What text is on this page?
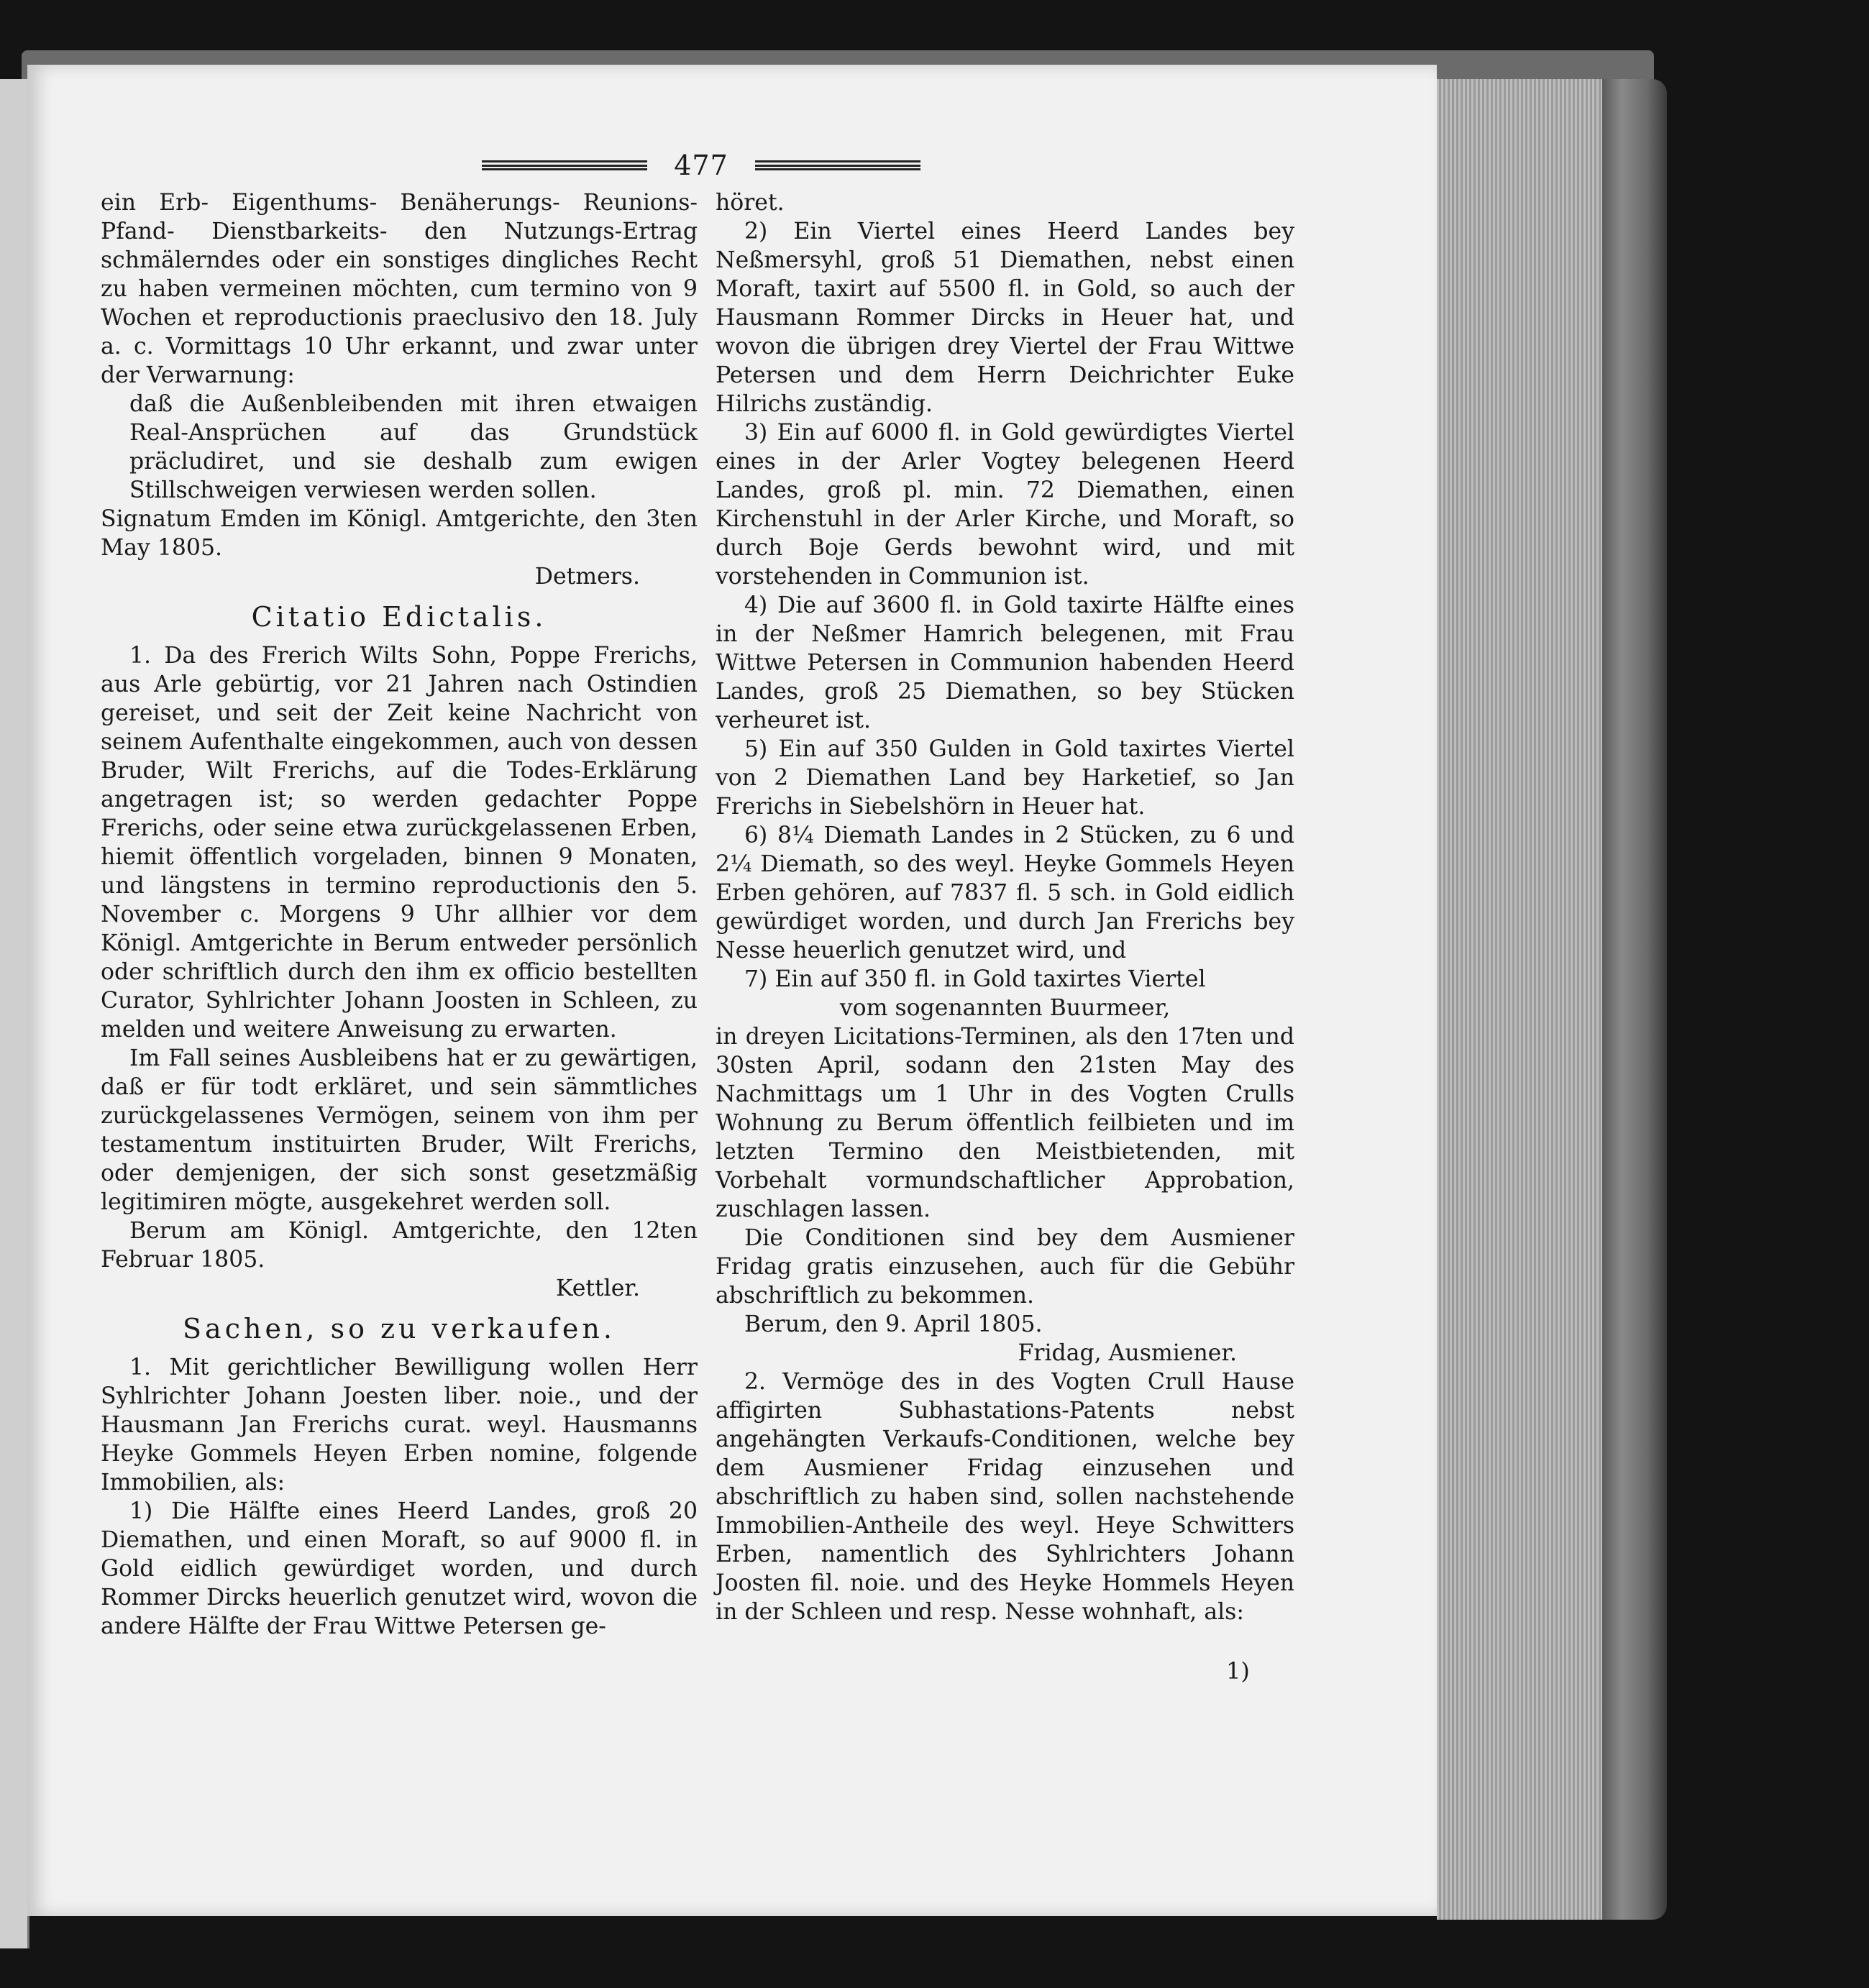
477

ein Erb- Eigenthums- Benäherungs- Reunions- Pfand- Dienstbarkeits- den Nutzungs-Ertrag schmälerndes oder ein sonstiges dingliches Recht zu haben vermeinen möchten, cum termino von 9 Wochen et reproductionis praeclusivo den 18. July a. c. Vormittags 10 Uhr erkannt, und zwar unter der Verwarnung:

daß die Außenbleibenden mit ihren etwaigen Real-Ansprüchen auf das Grundstück präcludiret, und sie deshalb zum ewigen Stillschweigen verwiesen werden sollen.

Signatum Emden im Königl. Amtgerichte, den 3ten May 1805.

Detmers.

Citatio Edictalis.

1. Da des Frerich Wilts Sohn, Poppe Frerichs, aus Arle gebürtig, vor 21 Jahren nach Ostindien gereiset, und seit der Zeit keine Nachricht von seinem Aufenthalte eingekommen, auch von dessen Bruder, Wilt Frerichs, auf die Todes-Erklärung angetragen ist; so werden gedachter Poppe Frerichs, oder seine etwa zurückgelassenen Erben, hiemit öffentlich vorgeladen, binnen 9 Monaten, und längstens in termino reproductionis den 5. November c. Morgens 9 Uhr allhier vor dem Königl. Amtgerichte in Berum entweder persönlich oder schriftlich durch den ihm ex officio bestellten Curator, Syhlrichter Johann Joosten in Schleen, zu melden und weitere Anweisung zu erwarten.

Im Fall seines Ausbleibens hat er zu gewärtigen, daß er für todt erkläret, und sein sämmtliches zurückgelassenes Vermögen, seinem von ihm per testamentum instituirten Bruder, Wilt Frerichs, oder demjenigen, der sich sonst gesetzmäßig legitimiren mögte, ausgekehret werden soll.

Berum am Königl. Amtgerichte, den 12ten Februar 1805.

Kettler.

Sachen, so zu verkaufen.

1. Mit gerichtlicher Bewilligung wollen Herr Syhlrichter Johann Joesten liber. noie., und der Hausmann Jan Frerichs curat. weyl. Hausmanns Heyke Gommels Heyen Erben nomine, folgende Immobilien, als:

1) Die Hälfte eines Heerd Landes, groß 20 Diemathen, und einen Moraft, so auf 9000 fl. in Gold eidlich gewürdiget worden, und durch Rommer Dircks heuerlich genutzet wird, wovon die andere Hälfte der Frau Wittwe Petersen ge-

höret.

2) Ein Viertel eines Heerd Landes bey Neßmersyhl, groß 51 Diemathen, nebst einen Moraft, taxirt auf 5500 fl. in Gold, so auch der Hausmann Rommer Dircks in Heuer hat, und wovon die übrigen drey Viertel der Frau Wittwe Petersen und dem Herrn Deichrichter Euke Hilrichs zuständig.

3) Ein auf 6000 fl. in Gold gewürdigtes Viertel eines in der Arler Vogtey belegenen Heerd Landes, groß pl. min. 72 Diemathen, einen Kirchenstuhl in der Arler Kirche, und Moraft, so durch Boje Gerds bewohnt wird, und mit vorstehenden in Communion ist.

4) Die auf 3600 fl. in Gold taxirte Hälfte eines in der Neßmer Hamrich belegenen, mit Frau Wittwe Petersen in Communion habenden Heerd Landes, groß 25 Diemathen, so bey Stücken verheuret ist.

5) Ein auf 350 Gulden in Gold taxirtes Viertel von 2 Diemathen Land bey Harketief, so Jan Frerichs in Siebelshörn in Heuer hat.

6) 8¼ Diemath Landes in 2 Stücken, zu 6 und 2¼ Diemath, so des weyl. Heyke Gommels Heyen Erben gehören, auf 7837 fl. 5 sch. in Gold eidlich gewürdiget worden, und durch Jan Frerichs bey Nesse heuerlich genutzet wird, und

7) Ein auf 350 fl. in Gold taxirtes Viertel

vom sogenannten Buurmeer,

in dreyen Licitations-Terminen, als den 17ten und 30sten April, sodann den 21sten May des Nachmittags um 1 Uhr in des Vogten Crulls Wohnung zu Berum öffentlich feilbieten und im letzten Termino den Meistbietenden, mit Vorbehalt vormundschaftlicher Approbation, zuschlagen lassen.

Die Conditionen sind bey dem Ausmiener Fridag gratis einzusehen, auch für die Gebühr abschriftlich zu bekommen.

Berum, den 9. April 1805.

Fridag, Ausmiener.

2. Vermöge des in des Vogten Crull Hause affigirten Subhastations-Patents nebst angehängten Verkaufs-Conditionen, welche bey dem Ausmiener Fridag einzusehen und abschriftlich zu haben sind, sollen nachstehende Immobilien-Antheile des weyl. Heye Schwitters Erben, namentlich des Syhlrichters Johann Joosten fil. noie. und des Heyke Hommels Heyen in der Schleen und resp. Nesse wohnhaft, als:

1)
